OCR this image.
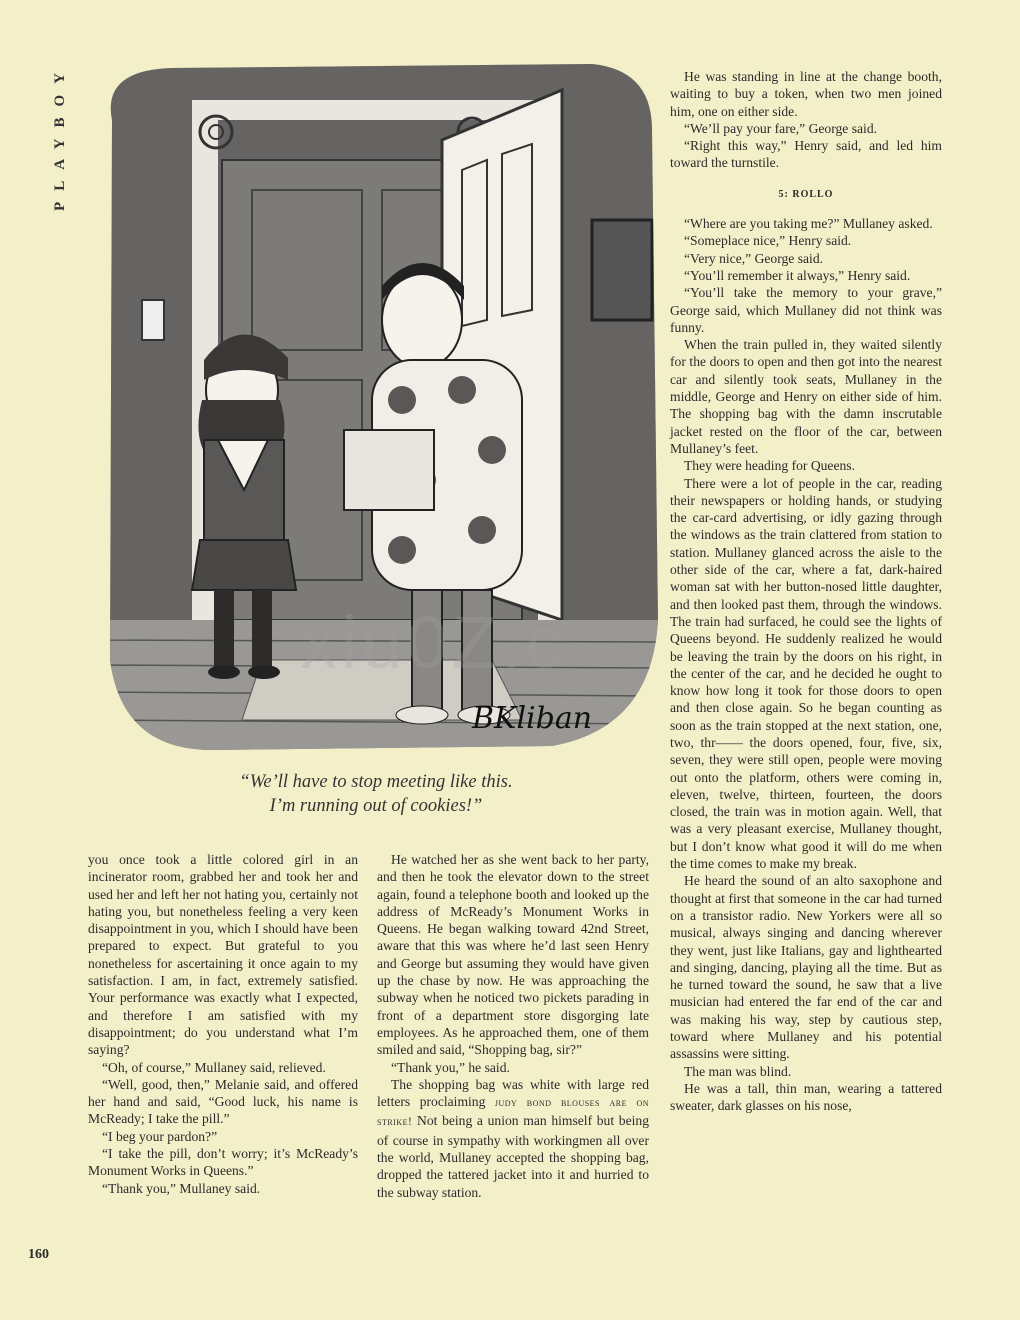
PLAYBOY
BKliban
“We’ll have to stop meeting like this.
I’m running out of cookies!”
xiu0Z.c

you once took a little colored girl in an incinerator room, grabbed her and took her and used her and left her not hating you, certainly not hating you, but nonetheless feeling a very keen disappointment in you, which I should have been prepared to expect. But grateful to you nonetheless for ascertaining it once again to my satisfaction. I am, in fact, extremely satisfied. Your performance was exactly what I expected, and therefore I am satisfied with my disappointment; do you understand what I’m saying?

“Oh, of course,” Mullaney said, relieved.

“Well, good, then,” Melanie said, and offered her hand and said, “Good luck, his name is McReady; I take the pill.”

“I beg your pardon?”

“I take the pill, don’t worry; it’s McReady’s Monument Works in Queens.”

“Thank you,” Mullaney said.

He watched her as she went back to her party, and then he took the elevator down to the street again, found a telephone booth and looked up the address of McReady’s Monument Works in Queens. He began walking toward 42nd Street, aware that this was where he’d last seen Henry and George but assuming they would have given up the chase by now. He was approaching the subway when he noticed two pickets parading in front of a department store disgorging late employees. As he approached them, one of them smiled and said, “Shopping bag, sir?”

“Thank you,” he said.

The shopping bag was white with large red letters proclaiming judy bond blouses are on strike! Not being a union man himself but being of course in sympathy with workingmen all over the world, Mullaney accepted the shopping bag, dropped the tattered jacket into it and hurried to the subway station.

He was standing in line at the change booth, waiting to buy a token, when two men joined him, one on either side.

“We’ll pay your fare,” George said.

“Right this way,” Henry said, and led him toward the turnstile.

5: ROLLO

“Where are you taking me?” Mullaney asked.

“Someplace nice,” Henry said.

“Very nice,” George said.

“You’ll remember it always,” Henry said.

“You’ll take the memory to your grave,” George said, which Mullaney did not think was funny.

When the train pulled in, they waited silently for the doors to open and then got into the nearest car and silently took seats, Mullaney in the middle, George and Henry on either side of him. The shopping bag with the damn inscrutable jacket rested on the floor of the car, between Mullaney’s feet.

They were heading for Queens.

There were a lot of people in the car, reading their newspapers or holding hands, or studying the car-card advertising, or idly gazing through the windows as the train clattered from station to station. Mullaney glanced across the aisle to the other side of the car, where a fat, dark-haired woman sat with her button-nosed little daughter, and then looked past them, through the windows. The train had surfaced, he could see the lights of Queens beyond. He suddenly realized he would be leaving the train by the doors on his right, in the center of the car, and he decided he ought to know how long it took for those doors to open and then close again. So he began counting as soon as the train stopped at the next station, one, two, thr—— the doors opened, four, five, six, seven, they were still open, people were moving out onto the platform, others were coming in, eleven, twelve, thirteen, fourteen, the doors closed, the train was in motion again. Well, that was a very pleasant exercise, Mullaney thought, but I don’t know what good it will do me when the time comes to make my break.

He heard the sound of an alto saxophone and thought at first that someone in the car had turned on a transistor radio. New Yorkers were all so musical, always singing and dancing wherever they went, just like Italians, gay and lighthearted and singing, dancing, playing all the time. But as he turned toward the sound, he saw that a live musician had entered the far end of the car and was making his way, step by cautious step, toward where Mullaney and his potential assassins were sitting.

The man was blind.

He was a tall, thin man, wearing a tattered sweater, dark glasses on his nose,

160
